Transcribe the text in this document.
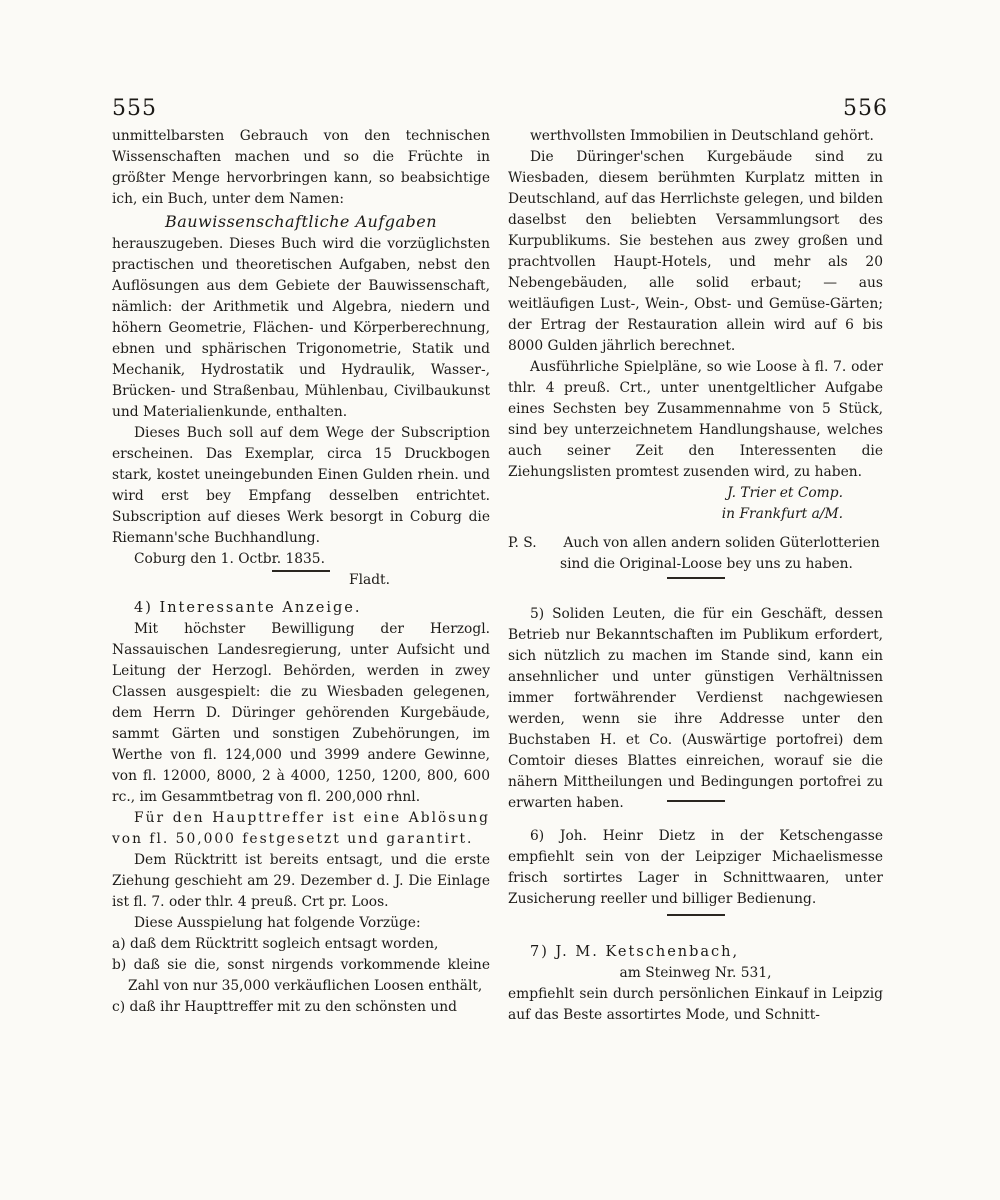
555	556

unmittelbarsten Gebrauch von den technischen Wissenschaften machen und so die Früchte in größter Menge hervorbringen kann, so beabsichtige ich, ein Buch, unter dem Namen:

Bauwissenschaftliche Aufgaben

herauszugeben. Dieses Buch wird die vorzüglichsten practischen und theoretischen Aufgaben, nebst den Auflösungen aus dem Gebiete der Bauwissenschaft, nämlich: der Arithmetik und Algebra, niedern und höhern Geometrie, Flächen- und Körperberechnung, ebnen und sphärischen Trigonometrie, Statik und Mechanik, Hydrostatik und Hydraulik, Wasser-, Brücken- und Straßenbau, Mühlenbau, Civilbaukunst und Materialienkunde, enthalten.

Dieses Buch soll auf dem Wege der Subscription erscheinen. Das Exemplar, circa 15 Druckbogen stark, kostet uneingebunden Einen Gulden rhein. und wird erst bey Empfang desselben entrichtet. Subscription auf dieses Werk besorgt in Coburg die Riemann'sche Buchhandlung.

Coburg den 1. Octbr. 1835.

Fladt.

4) Interessante Anzeige.

Mit höchster Bewilligung der Herzogl. Nassauischen Landesregierung, unter Aufsicht und Leitung der Herzogl. Behörden, werden in zwey Classen ausgespielt: die zu Wiesbaden gelegenen, dem Herrn D. Düringer gehörenden Kurgebäude, sammt Gärten und sonstigen Zubehörungen, im Werthe von fl. 124,000 und 3999 andere Gewinne, von fl. 12000, 8000, 2 à 4000, 1250, 1200, 800, 600 rc., im Gesammtbetrag von fl. 200,000 rhnl.

Für den Haupttreffer ist eine Ablösung von fl. 50,000 festgesetzt und garantirt.

Dem Rücktritt ist bereits entsagt, und die erste Ziehung geschieht am 29. Dezember d. J. Die Einlage ist fl. 7. oder thlr. 4 preuß. Crt pr. Loos.

Diese Ausspielung hat folgende Vorzüge:

a) daß dem Rücktritt sogleich entsagt worden,

b) daß sie die, sonst nirgends vorkommende kleine Zahl von nur 35,000 verkäuflichen Loosen enthält,

c) daß ihr Haupttreffer mit zu den schönsten und

werthvollsten Immobilien in Deutschland gehört.

Die Düringer'schen Kurgebäude sind zu Wiesbaden, diesem berühmten Kurplatz mitten in Deutschland, auf das Herrlichste gelegen, und bilden daselbst den beliebten Versammlungsort des Kurpublikums. Sie bestehen aus zwey großen und prachtvollen Haupt-Hotels, und mehr als 20 Nebengebäuden, alle solid erbaut; — aus weitläufigen Lust-, Wein-, Obst- und Gemüse-Gärten; der Ertrag der Restauration allein wird auf 6 bis 8000 Gulden jährlich berechnet.

Ausführliche Spielpläne, so wie Loose à fl. 7. oder thlr. 4 preuß. Crt., unter unentgeltlicher Aufgabe eines Sechsten bey Zusammennahme von 5 Stück, sind bey unterzeichnetem Handlungshause, welches auch seiner Zeit den Interessenten die Ziehungslisten promtest zusenden wird, zu haben.

J. Trier et Comp.

in Frankfurt a/M.

P. S. Auch von allen andern soliden Güterlotterien sind die Original-Loose bey uns zu haben.

5) Soliden Leuten, die für ein Geschäft, dessen Betrieb nur Bekanntschaften im Publikum erfordert, sich nützlich zu machen im Stande sind, kann ein ansehnlicher und unter günstigen Verhältnissen immer fortwährender Verdienst nachgewiesen werden, wenn sie ihre Addresse unter den Buchstaben H. et Co. (Auswärtige portofrei) dem Comtoir dieses Blattes einreichen, worauf sie die nähern Mittheilungen und Bedingungen portofrei zu erwarten haben.

6) Joh. Heinr Dietz in der Ketschengasse empfiehlt sein von der Leipziger Michaelismesse frisch sortirtes Lager in Schnittwaaren, unter Zusicherung reeller und billiger Bedienung.

7) J. M. Ketschenbach,

am Steinweg Nr. 531,

empfiehlt sein durch persönlichen Einkauf in Leipzig auf das Beste assortirtes Mode, und Schnitt-
